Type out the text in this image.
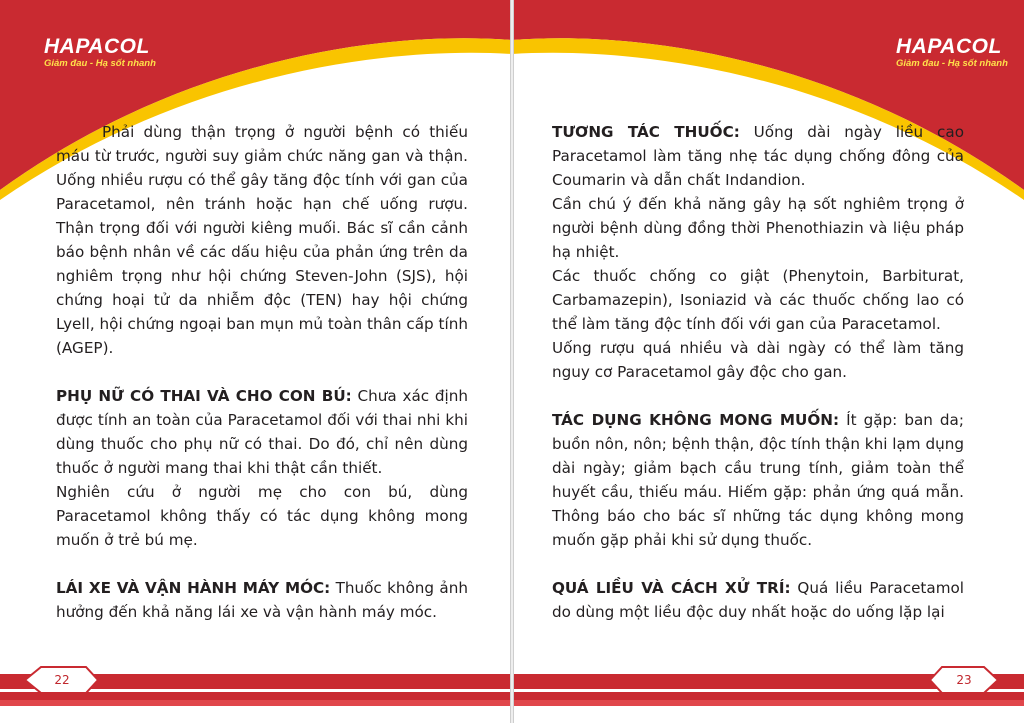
HAPACOL
Giảm đau - Hạ sốt nhanh

Phải dùng thận trọng ở người bệnh có thiếu máu từ trước, người suy giảm chức năng gan và thận. Uống nhiều rượu có thể gây tăng độc tính với gan của Paracetamol, nên tránh hoặc hạn chế uống rượu. Thận trọng đối với người kiêng muối. Bác sĩ cần cảnh báo bệnh nhân về các dấu hiệu của phản ứng trên da nghiêm trọng như hội chứng Steven-John (SJS), hội chứng hoại tử da nhiễm độc (TEN) hay hội chứng Lyell, hội chứng ngoại ban mụn mủ toàn thân cấp tính (AGEP).

PHỤ NỮ CÓ THAI VÀ CHO CON BÚ: Chưa xác định được tính an toàn của Paracetamol đối với thai nhi khi dùng thuốc cho phụ nữ có thai. Do đó, chỉ nên dùng thuốc ở người mang thai khi thật cần thiết.

Nghiên cứu ở người mẹ cho con bú, dùng Paracetamol không thấy có tác dụng không mong muốn ở trẻ bú mẹ.

LÁI XE VÀ VẬN HÀNH MÁY MÓC: Thuốc không ảnh hưởng đến khả năng lái xe và vận hành máy móc.

22
HAPACOL
Giảm đau - Hạ sốt nhanh

TƯƠNG TÁC THUỐC: Uống dài ngày liều cao Paracetamol làm tăng nhẹ tác dụng chống đông của Coumarin và dẫn chất Indandion.

Cần chú ý đến khả năng gây hạ sốt nghiêm trọng ở người bệnh dùng đồng thời Phenothiazin và liệu pháp hạ nhiệt.

Các thuốc chống co giật (Phenytoin, Barbiturat, Carbamazepin), Isoniazid và các thuốc chống lao có thể làm tăng độc tính đối với gan của Paracetamol.

Uống rượu quá nhiều và dài ngày có thể làm tăng nguy cơ Paracetamol gây độc cho gan.

TÁC DỤNG KHÔNG MONG MUỐN: Ít gặp: ban da; buồn nôn, nôn; bệnh thận, độc tính thận khi lạm dụng dài ngày; giảm bạch cầu trung tính, giảm toàn thể huyết cầu, thiếu máu. Hiếm gặp: phản ứng quá mẫn. Thông báo cho bác sĩ những tác dụng không mong muốn gặp phải khi sử dụng thuốc.

QUÁ LIỀU VÀ CÁCH XỬ TRÍ: Quá liều Paracetamol do dùng một liều độc duy nhất hoặc do uống lặp lại

23
